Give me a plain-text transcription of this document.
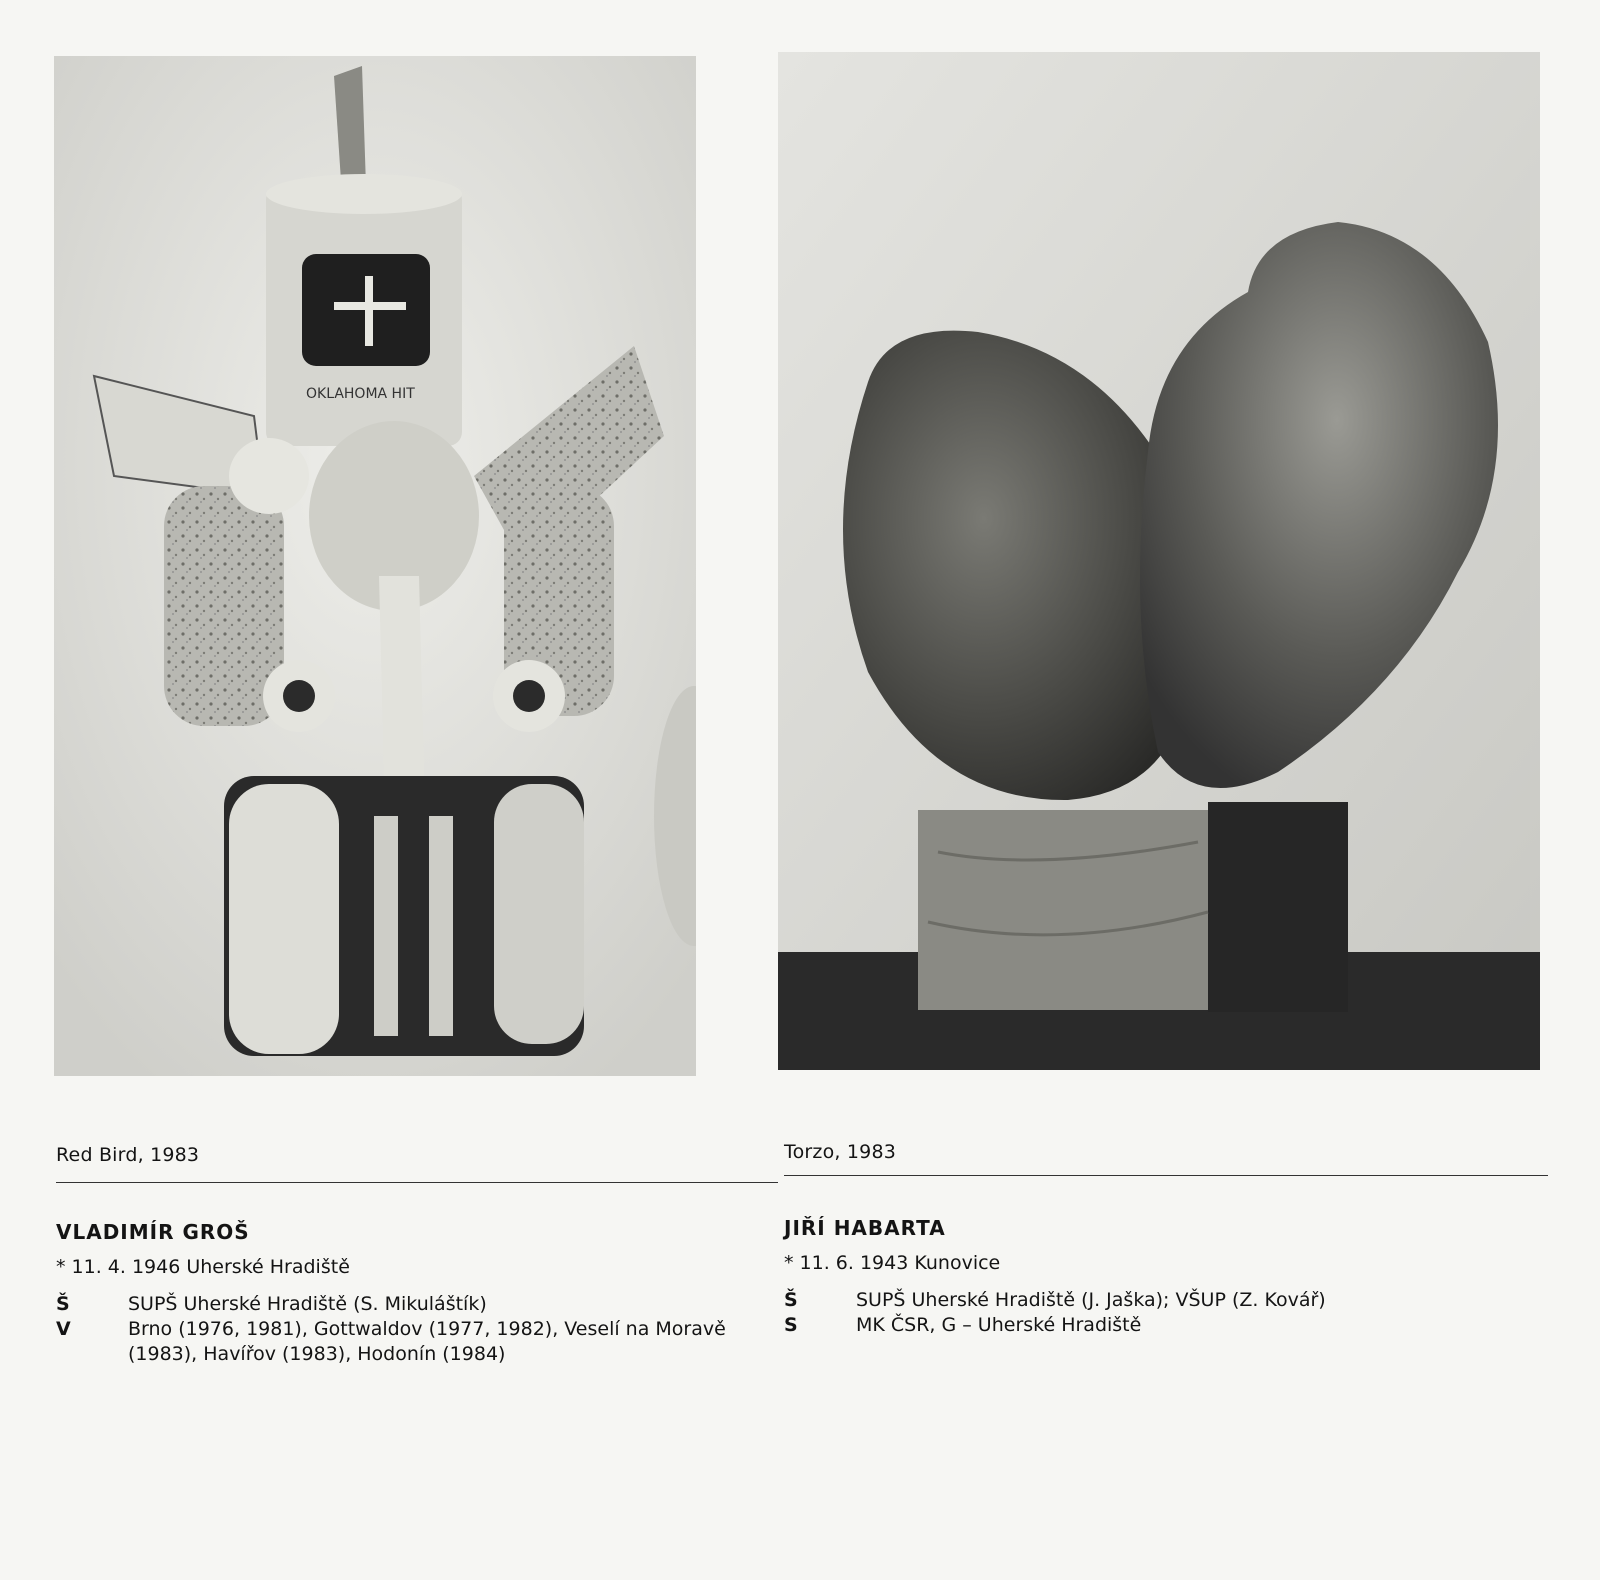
OKLAHOMA HIT
Red Bird, 1983	Torzo, 1983
VLADIMÍR GROŠ
* 11. 4. 1946 Uherské Hradiště
Š	SUPŠ Uherské Hradiště (S. Mikuláštík)
V	Brno (1976, 1981), Gottwaldov (1977, 1982), Veselí na Moravě (1983), Havířov (1983), Hodonín (1984)
JIŘÍ HABARTA
* 11. 6. 1943 Kunovice
Š	SUPŠ Uherské Hradiště (J. Jaška); VŠUP (Z. Kovář)
S	MK ČSR, G – Uherské Hradiště
